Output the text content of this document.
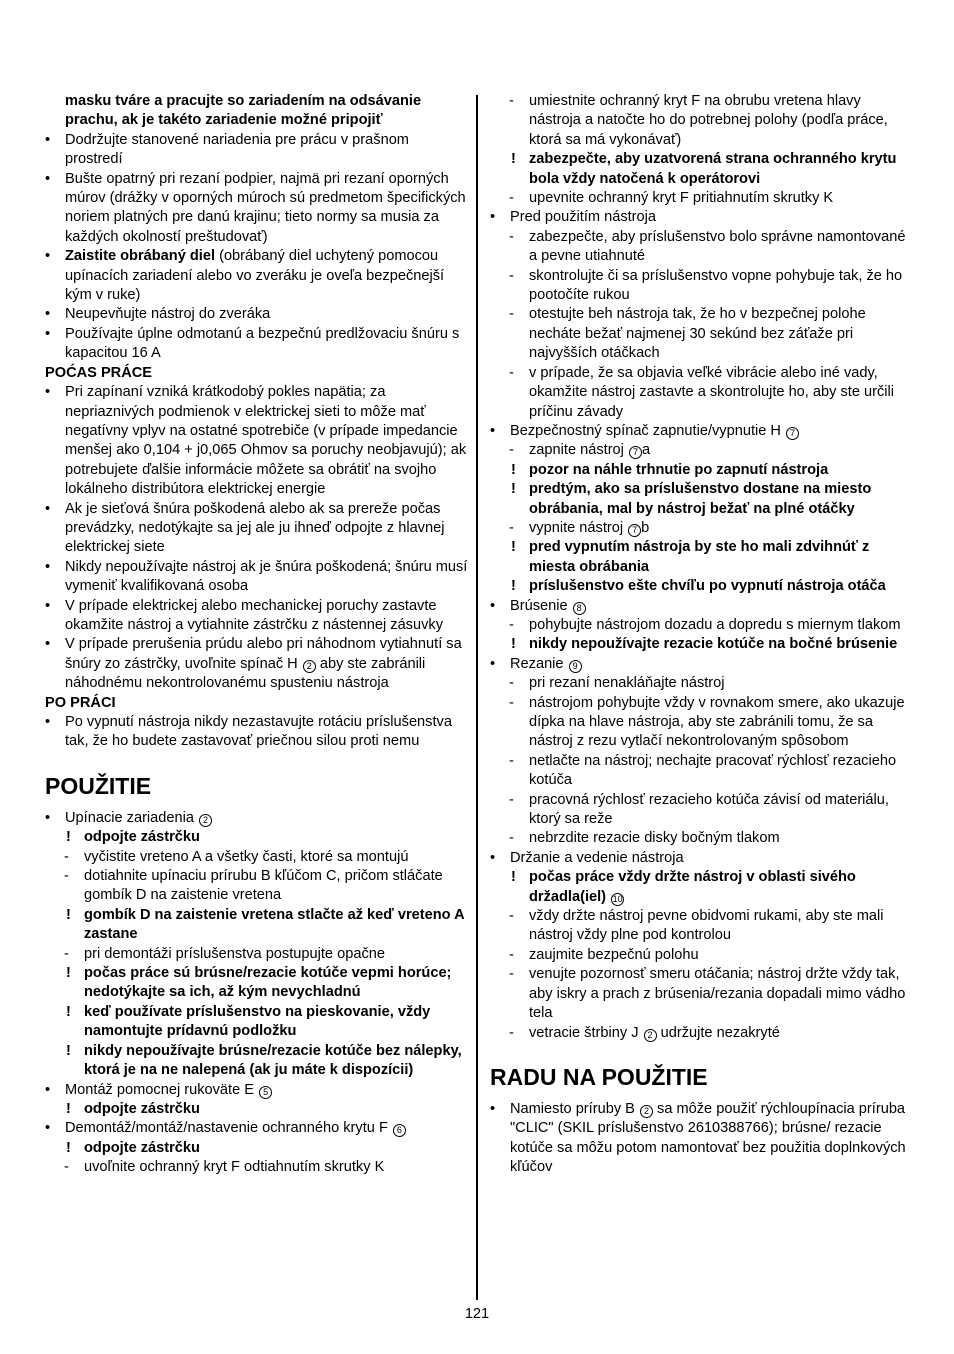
masku tváre a pracujte so zariadením na odsávanie prachu, ak je takéto zariadenie možné pripojiť
• Dodržujte stanovené nariadenia pre prácu v prašnom prostredí
• Bušte opatrný pri rezaní podpier, najmä pri rezaní oporných múrov (drážky v oporných múroch sú predmetom špecifických noriem platných pre danú krajinu; tieto normy sa musia za každých okolností preštudovať)
• Zaistite obrábaný diel (obrábaný diel uchytený pomocou upínacích zariadení alebo vo zveráku je oveľa bezpečnejší kým v ruke)
• Neupevňujte nástroj do zveráka
• Používajte úplne odmotanú a bezpečnú predlžovaciu šnúru s kapacitou 16 A
POĆAS PRÁCE
• Pri zapínaní vzniká krátkodobý pokles napätia; za nepriaznivých podmienok v elektrickej sieti to môže mať negatívny vplyv na ostatné spotrebiče (v prípade impedancie menšej ako 0,104 + j0,065 Ohmov sa poruchy neobjavujú); ak potrebujete ďalšie informácie môžete sa obrátiť na svojho lokálneho distribútora elektrickej energie
• Ak je sieťová šnúra poškodená alebo ak sa prereže počas prevádzky, nedotýkajte sa jej ale ju ihneď odpojte z hlavnej elektrickej siete
• Nikdy nepoužívajte nástroj ak je šnúra poškodená; šnúru musí vymeniť kvalifikovaná osoba
• V prípade elektrickej alebo mechanickej poruchy zastavte okamžite nástroj a vytiahnite zástrčku z nástennej zásuvky
• V prípade prerušenia prúdu alebo pri náhodnom vytiahnutí sa šnúry zo zástrčky, uvoľnite spínač H 2 aby ste zabránili náhodnému nekontrolovanému spusteniu nástroja
PO PRÁCI
• Po vypnutí nástroja nikdy nezastavujte rotáciu príslušenstva tak, že ho budete zastavovať priečnou silou proti nemu
POUŽITIE
• Upínacie zariadenia 2
! odpojte zástrčku
- vyčistite vreteno A a všetky časti, ktoré sa montujú
- dotiahnite upínaciu prírubu B kľúčom C, pričom stláčate gombík D na zaistenie vretena
! gombík D na zaistenie vretena stlačte až keď vreteno A zastane
- pri demontáži príslušenstva postupujte opačne
! počas práce sú brúsne/rezacie kotúče vepmi horúce; nedotýkajte sa ich, až kým nevychladnú
! keď používate príslušenstvo na pieskovanie, vždy namontujte prídavnú podložku
! nikdy nepoužívajte brúsne/rezacie kotúče bez nálepky, ktorá je na ne nalepená (ak ju máte k dispozícii)
• Montáž pomocnej rukoväte E 5
! odpojte zástrčku
• Demontáž/montáž/nastavenie ochranného krytu F 6
! odpojte zástrčku
- uvoľnite ochranný kryt F odtiahnutím skrutky K
- umiestnite ochranný kryt F na obrubu vretena hlavy nástroja a natočte ho do potrebnej polohy (podľa práce, ktorá sa má vykonávať)
! zabezpečte, aby uzatvorená strana ochranného krytu bola vždy natočená k operátorovi
- upevnite ochranný kryt F pritiahnutím skrutky K
• Pred použitím nástroja
- zabezpečte, aby príslušenstvo bolo správne namontované a pevne utiahnuté
- skontrolujte či sa príslušenstvo vopne pohybuje tak, že ho pootočíte rukou
- otestujte beh nástroja tak, že ho v bezpečnej polohe necháte bežať najmenej 30 sekúnd bez záťaže pri najvyšších otáčkach
- v prípade, že sa objavia veľké vibrácie alebo iné vady, okamžite nástroj zastavte a skontrolujte ho, aby ste určili príčinu závady
• Bezpečnostný spínač zapnutie/vypnutie H 7
- zapnite nástroj 7 a
! pozor na náhle trhnutie po zapnutí nástroja
! predtým, ako sa príslušenstvo dostane na miesto obrábania, mal by nástroj bežať na plné otáčky
- vypnite nástroj 7 b
! pred vypnutím nástroja by ste ho mali zdvihnúť z miesta obrábania
! príslušenstvo ešte chvíľu po vypnutí nástroja otáča
• Brúsenie 8
- pohybujte nástrojom dozadu a dopredu s miernym tlakom
! nikdy nepoužívajte rezacie kotúče na bočné brúsenie
• Rezanie 9
- pri rezaní nenakláňajte nástroj
- nástrojom pohybujte vždy v rovnakom smere, ako ukazuje dípka na hlave nástroja, aby ste zabránili tomu, že sa nástroj z rezu vytlačí nekontrolovaným spôsobom
- netlačte na nástroj; nechajte pracovať rýchlosť rezacieho kotúča
- pracovná rýchlosť rezacieho kotúča závisí od materiálu, ktorý sa reže
- nebrzdite rezacie disky bočným tlakom
• Držanie a vedenie nástroja
! počas práce vždy držte nástroj v oblasti sivého držadla(iel) 10
- vždy držte nástroj pevne obidvomi rukami, aby ste mali nástroj vždy plne pod kontrolou
- zaujmite bezpečnú polohu
- venujte pozornosť smeru otáčania; nástroj držte vždy tak, aby iskry a prach z brúsenia/rezania dopadali mimo vádho tela
- vetracie štrbiny J 2 udržujte nezakryté
RADU NA POUŽITIE
• Namiesto príruby B 2 sa môže použiť rýchloupínacia príruba "CLIC" (SKIL príslušenstvo 2610388766); brúsne/ rezacie kotúče sa môžu potom namontovať bez použitia doplnkových kľúčov
121
